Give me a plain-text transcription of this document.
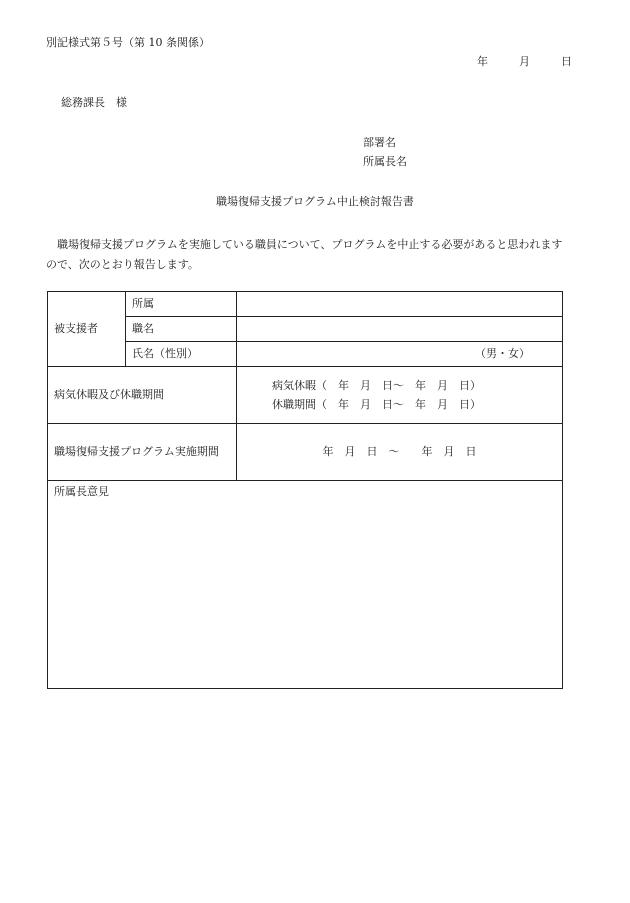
別記様式第５号（第 10 条関係）
年	月	日
総務課長　様
部署名
所属長名
職場復帰支援プログラム中止検討報告書
職場復帰支援プログラムを実施している職員について、プログラムを中止する必要があると思われますので、次のとおり報告します。
被支援者	所属	
	職名	
	氏名（性別）	（男・女）

病気休暇及び休職期間		病気休暇（　年　月　日〜　年　月　日）
休職期間（　年　月　日〜　年　月　日）

職場復帰支援プログラム実施期間		年　月　日　〜　　年　月　日
所属長意見		
